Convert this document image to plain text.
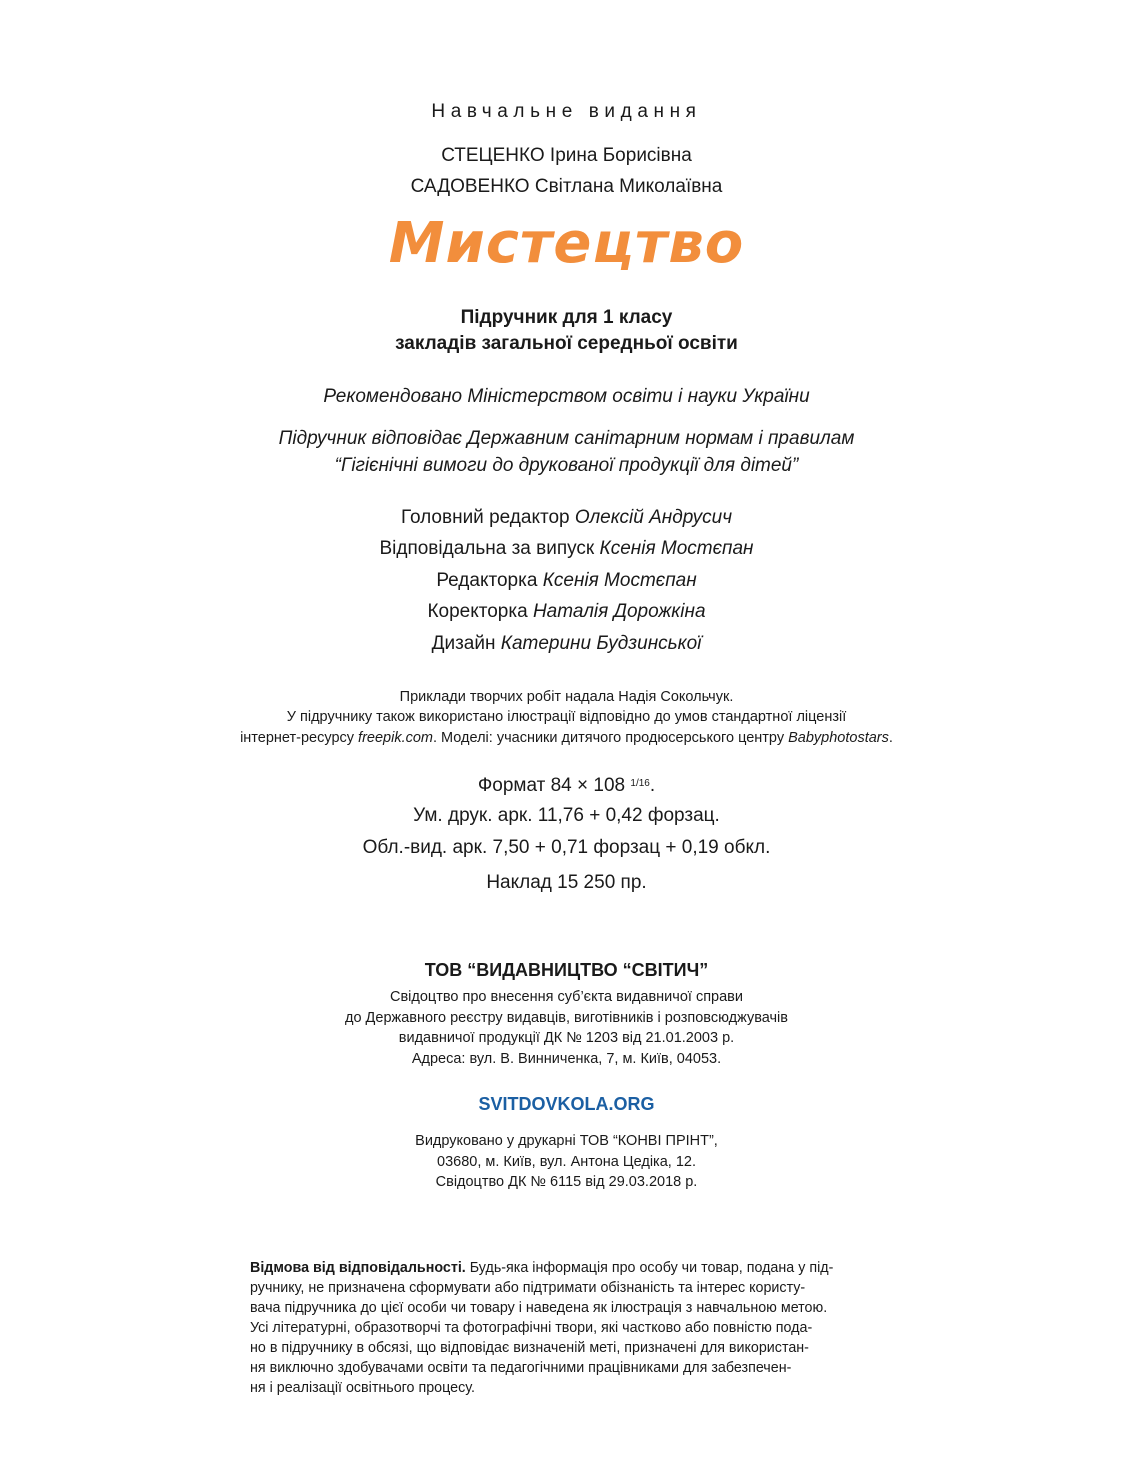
Навчальне видання
СТЕЦЕНКО Ірина Борисівна
САДОВЕНКО Світлана Миколаївна
Мистецтво
Підручник для 1 класу
закладів загальної середньої освіти
Рекомендовано Міністерством освіти і науки України
Підручник відповідає Державним санітарним нормам і правилам
“Гігієнічні вимоги до друкованої продукції для дітей”
Головний редактор Олексій Андрусич
Відповідальна за випуск Ксенія Мостєпан
Редакторка Ксенія Мостєпан
Коректорка Наталія Дорожкіна
Дизайн Катерини Будзинської
Приклади творчих робіт надала Надія Сокольчук.
У підручнику також використано ілюстрації відповідно до умов стандартної ліцензії
інтернет-ресурсу freepik.com. Моделі: учасники дитячого продюсерського центру Babyphotostars.
Формат 84 × 108 $^{1/16}$.
Ум. друк. арк. 11,76 + 0,42 форзац.
Обл.-вид. арк. 7,50 + 0,71 форзац + 0,19 обкл.
Наклад 15 250 пр.
ТОВ “ВИДАВНИЦТВО “СВІТИЧ”
Свідоцтво про внесення суб’єкта видавничої справи
до Державного реєстру видавців, виготівників і розповсюджувачів
видавничої продукції ДК № 1203 від 21.01.2003 р.
Адреса: вул. В. Винниченка, 7, м. Київ, 04053.
SVITDOVKOLA.ORG
Видруковано у друкарні ТОВ “КОНВІ ПРІНТ”,
03680, м. Київ, вул. Антона Цедіка, 12.
Свідоцтво ДК № 6115 від 29.03.2018 р.
Відмова від відповідальності. Будь-яка інформація про особу чи товар, подана у під-
ручнику, не призначена сформувати або підтримати обізнаність та інтерес користу-
вача підручника до цієї особи чи товару і наведена як ілюстрація з навчальною метою.
Усі літературні, образотворчі та фотографічні твори, які частково або повністю пода-
но в підручнику в обсязі, що відповідає визначеній меті, призначені для використан-
ня виключно здобувачами освіти та педагогічними працівниками для забезпечен-
ня і реалізації освітнього процесу.
